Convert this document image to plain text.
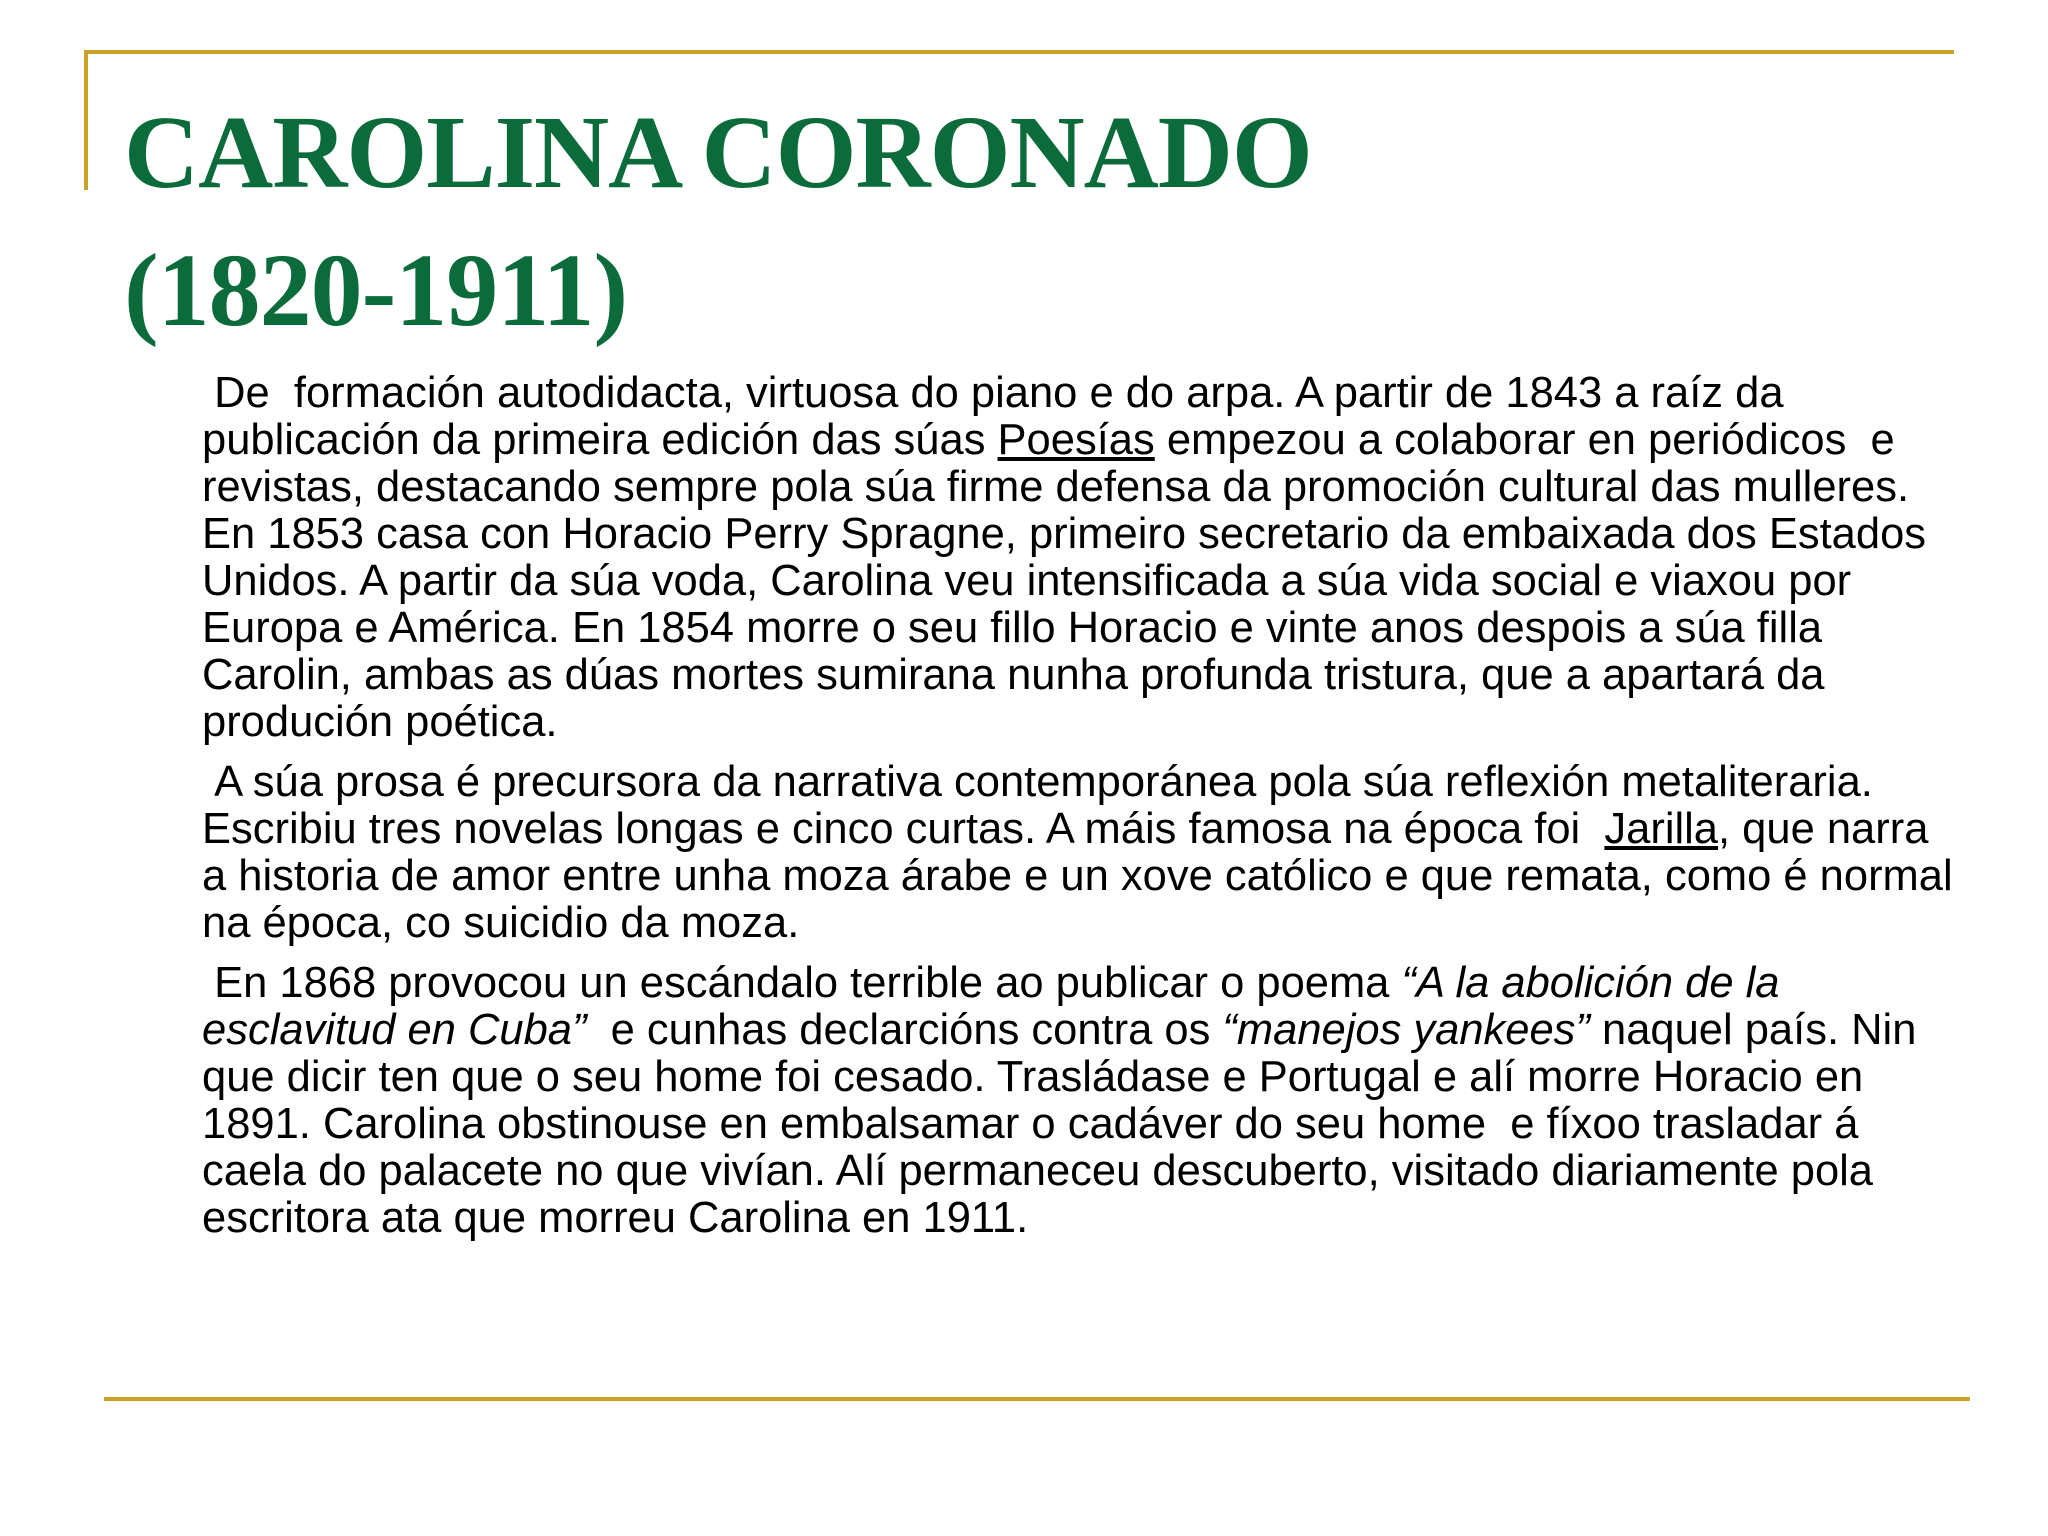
CAROLINA CORONADO
(1820-1911)

De  formación autodidacta, virtuosa do piano e do arpa. A partir de 1843 a raíz da publicación da primeira edición das súas Poesías empezou a colaborar en periódicos  e revistas, destacando sempre pola súa firme defensa da promoción cultural das mulleres. En 1853 casa con Horacio Perry Spragne, primeiro secretario da embaixada dos Estados Unidos. A partir da súa voda, Carolina veu intensificada a súa vida social e viaxou por Europa e América. En 1854 morre o seu fillo Horacio e vinte anos despois a súa filla Carolin, ambas as dúas mortes sumirana nunha profunda tristura, que a apartará da produción poética.

A súa prosa é precursora da narrativa contemporánea pola súa reflexión metaliteraria. Escribiu tres novelas longas e cinco curtas. A máis famosa na época foi  Jarilla, que narra a historia de amor entre unha moza árabe e un xove católico e que remata, como é normal na época, co suicidio da moza.

En 1868 provocou un escándalo terrible ao publicar o poema “A la abolición de la esclavitud en Cuba”  e cunhas declarcións contra os “manejos yankees” naquel país. Nin que dicir ten que o seu home foi cesado. Trasládase e Portugal e alí morre Horacio en 1891. Carolina obstinouse en embalsamar o cadáver do seu home  e fíxoo trasladar á caela do palacete no que vivían. Alí permaneceu descuberto, visitado diariamente pola escritora ata que morreu Carolina en 1911.
